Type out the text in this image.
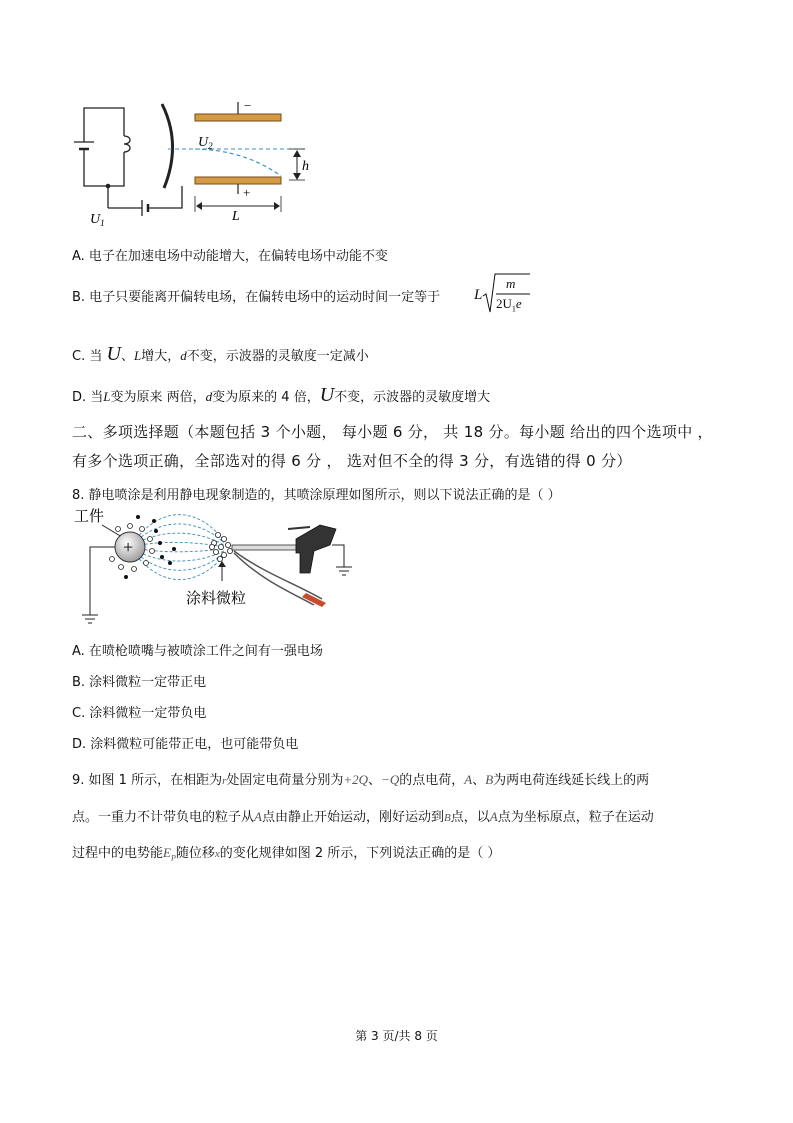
−
+
$U_2$
h
L
$U_1$
A. 电子在加速电场中动能增大，在偏转电场中动能不变
B. 电子只要能离开偏转电场，在偏转电场中的运动时间一定等于 L
m
$2U_1e$
C. 当 U、L增大，d不变，示波器的灵敏度一定减小
D. 当L变为原来 两倍，d变为原来的 4 倍，U不变，示波器的灵敏度增大
二、多项选择题（本题包括 3 个小题， 每小题 6 分， 共 18 分。每小题 给出的四个选项中 ，
有多个选项正确，全部选对的得 6 分 ， 选对但不全的得 3 分，有选错的得 0 分）
8. 静电喷涂是利用静电现象制造的，其喷涂原理如图所示，则以下说法正确的是（ ）
工件
+
涂料微粒
A. 在喷枪喷嘴与被喷涂工件之间有一强电场
B. 涂料微粒一定带正电
C. 涂料微粒一定带负电
D. 涂料微粒可能带正电，也可能带负电
9. 如图 1 所示，在相距为r处固定电荷量分别为+2Q、−Q的点电荷，A、B为两电荷连线延长线上的两
点。一重力不计带负电的粒子从A点由静止开始运动，刚好运动到B点，以A点为坐标原点，粒子在运动
过程中的电势能$E_P$随位移x的变化规律如图 2 所示，下列说法正确的是（ ）
第 3 页/共 8 页
